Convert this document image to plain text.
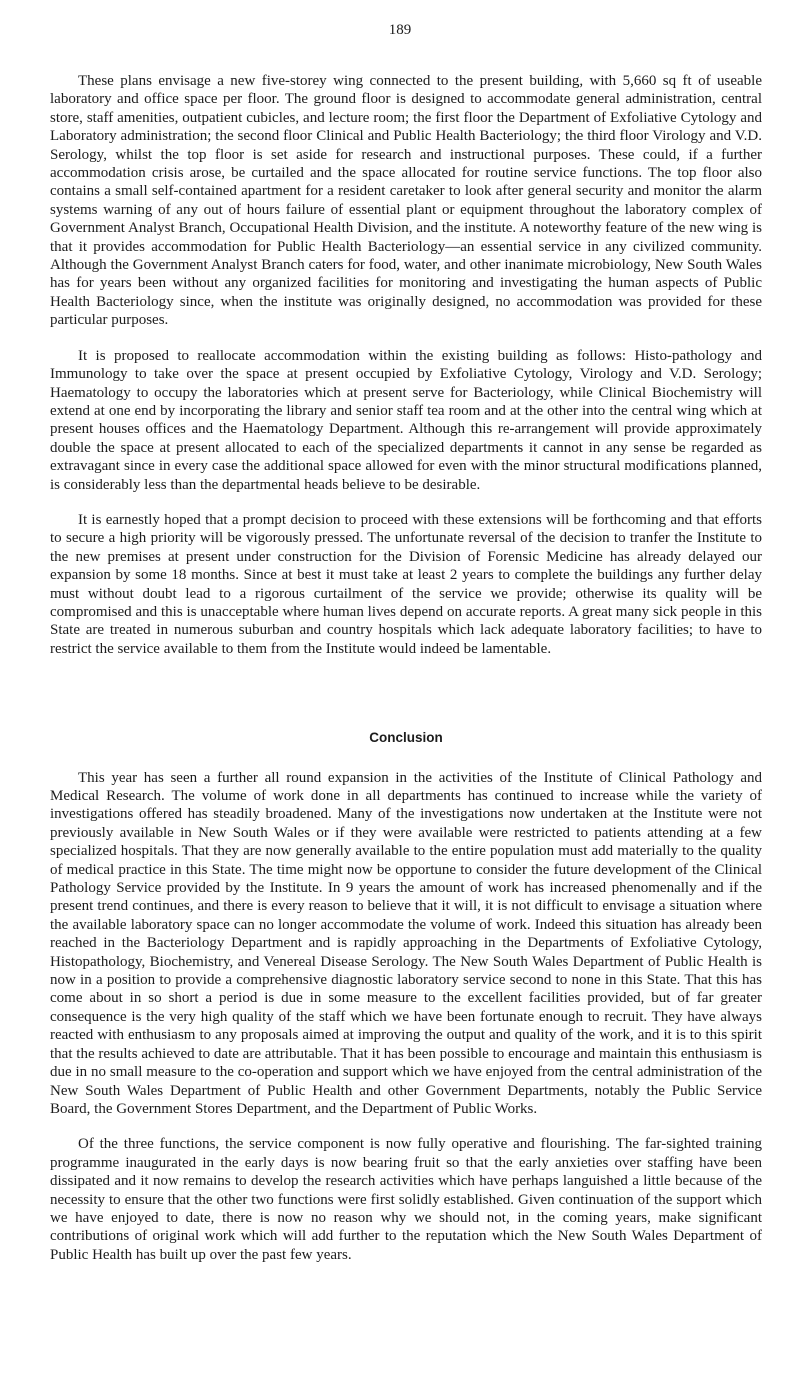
189

These plans envisage a new five-storey wing connected to the present building, with 5,660 sq ft of useable laboratory and office space per floor. The ground floor is designed to accommodate general administration, central store, staff amenities, outpatient cubicles, and lecture room; the first floor the Department of Exfoliative Cytology and Laboratory administration; the second floor Clinical and Public Health Bacteriology; the third floor Virology and V.D. Serology, whilst the top floor is set aside for research and instructional purposes. These could, if a further accommodation crisis arose, be curtailed and the space allocated for routine service functions. The top floor also contains a small self-contained apartment for a resident caretaker to look after general security and monitor the alarm systems warning of any out of hours failure of essential plant or equipment throughout the laboratory complex of Government Analyst Branch, Occupational Health Division, and the institute. A noteworthy feature of the new wing is that it provides accommodation for Public Health Bacteriology—an essential service in any civilized community. Although the Government Analyst Branch caters for food, water, and other inanimate microbiology, New South Wales has for years been without any organized facilities for monitoring and investigating the human aspects of Public Health Bacteriology since, when the institute was originally designed, no accommodation was provided for these particular purposes.

It is proposed to reallocate accommodation within the existing building as follows: Histo-pathology and Immunology to take over the space at present occupied by Exfoliative Cytology, Virology and V.D. Serology; Haematology to occupy the laboratories which at present serve for Bacteriology, while Clinical Biochemistry will extend at one end by incorporating the library and senior staff tea room and at the other into the central wing which at present houses offices and the Haematology Department. Although this re-arrangement will provide approximately double the space at present allocated to each of the specialized departments it cannot in any sense be regarded as extravagant since in every case the additional space allowed for even with the minor structural modifications planned, is considerably less than the departmental heads believe to be desirable.

It is earnestly hoped that a prompt decision to proceed with these extensions will be forthcoming and that efforts to secure a high priority will be vigorously pressed. The unfortunate reversal of the decision to tranfer the Institute to the new premises at present under construction for the Division of Forensic Medicine has already delayed our expansion by some 18 months. Since at best it must take at least 2 years to complete the buildings any further delay must without doubt lead to a rigorous curtailment of the service we provide; otherwise its quality will be compromised and this is unacceptable where human lives depend on accurate reports. A great many sick people in this State are treated in numerous suburban and country hospitals which lack adequate laboratory facilities; to have to restrict the service available to them from the Institute would indeed be lamentable.

Conclusion

This year has seen a further all round expansion in the activities of the Institute of Clinical Pathology and Medical Research. The volume of work done in all departments has continued to increase while the variety of investigations offered has steadily broadened. Many of the investigations now undertaken at the Institute were not previously available in New South Wales or if they were available were restricted to patients attending at a few specialized hospitals. That they are now generally available to the entire population must add materially to the quality of medical practice in this State. The time might now be opportune to consider the future development of the Clinical Pathology Service provided by the Institute. In 9 years the amount of work has increased phenomenally and if the present trend continues, and there is every reason to believe that it will, it is not difficult to envisage a situation where the available laboratory space can no longer accommodate the volume of work. Indeed this situation has already been reached in the Bacteriology Department and is rapidly approaching in the Departments of Exfoliative Cytology, Histopathology, Biochemistry, and Venereal Disease Serology. The New South Wales Department of Public Health is now in a position to provide a comprehensive diagnostic laboratory service second to none in this State. That this has come about in so short a period is due in some measure to the excellent facilities provided, but of far greater consequence is the very high quality of the staff which we have been fortunate enough to recruit. They have always reacted with enthusiasm to any proposals aimed at improving the output and quality of the work, and it is to this spirit that the results achieved to date are attributable. That it has been possible to encourage and maintain this enthusiasm is due in no small measure to the co-operation and support which we have enjoyed from the central administration of the New South Wales Department of Public Health and other Government Departments, notably the Public Service Board, the Government Stores Department, and the Department of Public Works.

Of the three functions, the service component is now fully operative and flourishing. The far-sighted training programme inaugurated in the early days is now bearing fruit so that the early anxieties over staffing have been dissipated and it now remains to develop the research activities which have perhaps languished a little because of the necessity to ensure that the other two functions were first solidly established. Given continuation of the support which we have enjoyed to date, there is now no reason why we should not, in the coming years, make significant contributions of original work which will add further to the reputation which the New South Wales Department of Public Health has built up over the past few years.
